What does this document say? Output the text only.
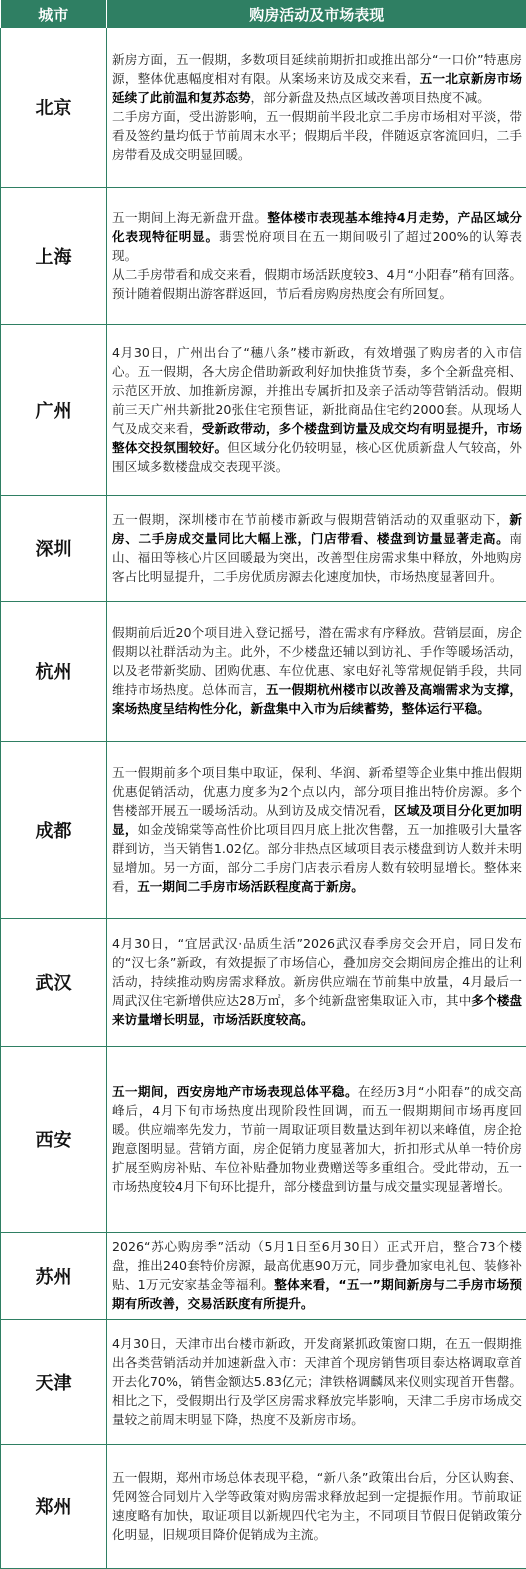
城市	购房活动及市场表现
北京	新房方面，五一假期，多数项目延续前期折扣或推出部分“一口价”特惠房源，整体优惠幅度相对有限。从案场来访及成交来看，五一北京新房市场延续了此前温和复苏态势，部分新盘及热点区域改善项目热度不减。

二手房方面，受出游影响，五一假期前半段北京二手房市场相对平淡，带看及签约量均低于节前周末水平；假期后半段，伴随返京客流回归，二手房带看及成交明显回暖。

上海	五一期间上海无新盘开盘。整体楼市表现基本维持4月走势，产品区域分化表现特征明显。翡雲悦府项目在五一期间吸引了超过200%的认筹表现。

从二手房带看和成交来看，假期市场活跃度较3、4月“小阳春”稍有回落。预计随着假期出游客群返回，节后看房购房热度会有所回复。

广州	4月30日，广州出台了“穗八条”楼市新政，有效增强了购房者的入市信心。五一假期，各大房企借助新政利好加快推货节奏，多个全新盘亮相、示范区开放、加推新房源，并推出专属折扣及亲子活动等营销活动。假期前三天广州共新批20张住宅预售证，新批商品住宅约2000套。从现场人气及成交来看，受新政带动，多个楼盘到访量及成交均有明显提升，市场整体交投氛围较好。但区域分化仍较明显，核心区优质新盘人气较高，外围区域多数楼盘成交表现平淡。

深圳	五一假期，深圳楼市在节前楼市新政与假期营销活动的双重驱动下，新房、二手房成交量同比大幅上涨，门店带看、楼盘到访量显著走高。南山、福田等核心片区回暖最为突出，改善型住房需求集中释放，外地购房客占比明显提升，二手房优质房源去化速度加快，市场热度显著回升。

杭州	假期前后近20个项目进入登记摇号，潜在需求有序释放。营销层面，房企假期以社群活动为主。此外，不少楼盘还辅以到访礼、手作等暖场活动，以及老带新奖励、团购优惠、车位优惠、家电好礼等常规促销手段，共同维持市场热度。总体而言，五一假期杭州楼市以改善及高端需求为支撑，案场热度呈结构性分化，新盘集中入市为后续蓄势，整体运行平稳。

成都	五一假期前多个项目集中取证，保利、华润、新希望等企业集中推出假期优惠促销活动，优惠力度多为2个点以内，部分项目推出特价房源。多个售楼部开展五一暖场活动。从到访及成交情况看，区域及项目分化更加明显，如金茂锦棠等高性价比项目四月底上批次售罄，五一加推吸引大量客群到访，当天销售1.02亿。部分非热点区域项目表示楼盘到访人数并未明显增加。另一方面，部分二手房门店表示看房人数有较明显增长。整体来看，五一期间二手房市场活跃程度高于新房。

武汉	4月30日，“宜居武汉·品质生活”2026武汉春季房交会开启，同日发布的“汉七条”新政，有效提振了市场信心，叠加房交会期间房企推出的让利活动，持续推动购房需求释放。新房供应端在节前集中放量，4月最后一周武汉住宅新增供应达28万㎡，多个纯新盘密集取证入市，其中多个楼盘来访量增长明显，市场活跃度较高。

西安	五一期间，西安房地产市场表现总体平稳。在经历3月“小阳春”的成交高峰后，4月下旬市场热度出现阶段性回调，而五一假期期间市场再度回暖。供应端率先发力，节前一周取证项目数量达到年初以来峰值，房企抢跑意图明显。营销方面，房企促销力度显著加大，折扣形式从单一特价房扩展至购房补贴、车位补贴叠加物业费赠送等多重组合。受此带动，五一市场热度较4月下旬环比提升，部分楼盘到访量与成交量实现显著增长。

苏州	2026“苏心购房季”活动（5月1日至6月30日）正式开启，整合73个楼盘，推出240套特价房源，最高优惠90万元，同步叠加家电礼包、装修补贴、1万元安家基金等福利。整体来看，“五一”期间新房与二手房市场预期有所改善，交易活跃度有所提升。

天津	4月30日，天津市出台楼市新政，开发商紧抓政策窗口期，在五一假期推出各类营销活动并加速新盘入市：天津首个现房销售项目泰达格调取章首开去化70%，销售金额达5.83亿元；津铁格调麟凤来仪则实现首开售罄。相比之下，受假期出行及学区房需求释放完毕影响，天津二手房市场成交量较之前周末明显下降，热度不及新房市场。

郑州	五一假期，郑州市场总体表现平稳，“新八条”政策出台后，分区认购套、凭网签合同划片入学等政策对购房需求释放起到一定提振作用。节前取证速度略有加快，取证项目以新规四代宅为主，不同项目节假日促销政策分化明显，旧规项目降价促销成为主流。
